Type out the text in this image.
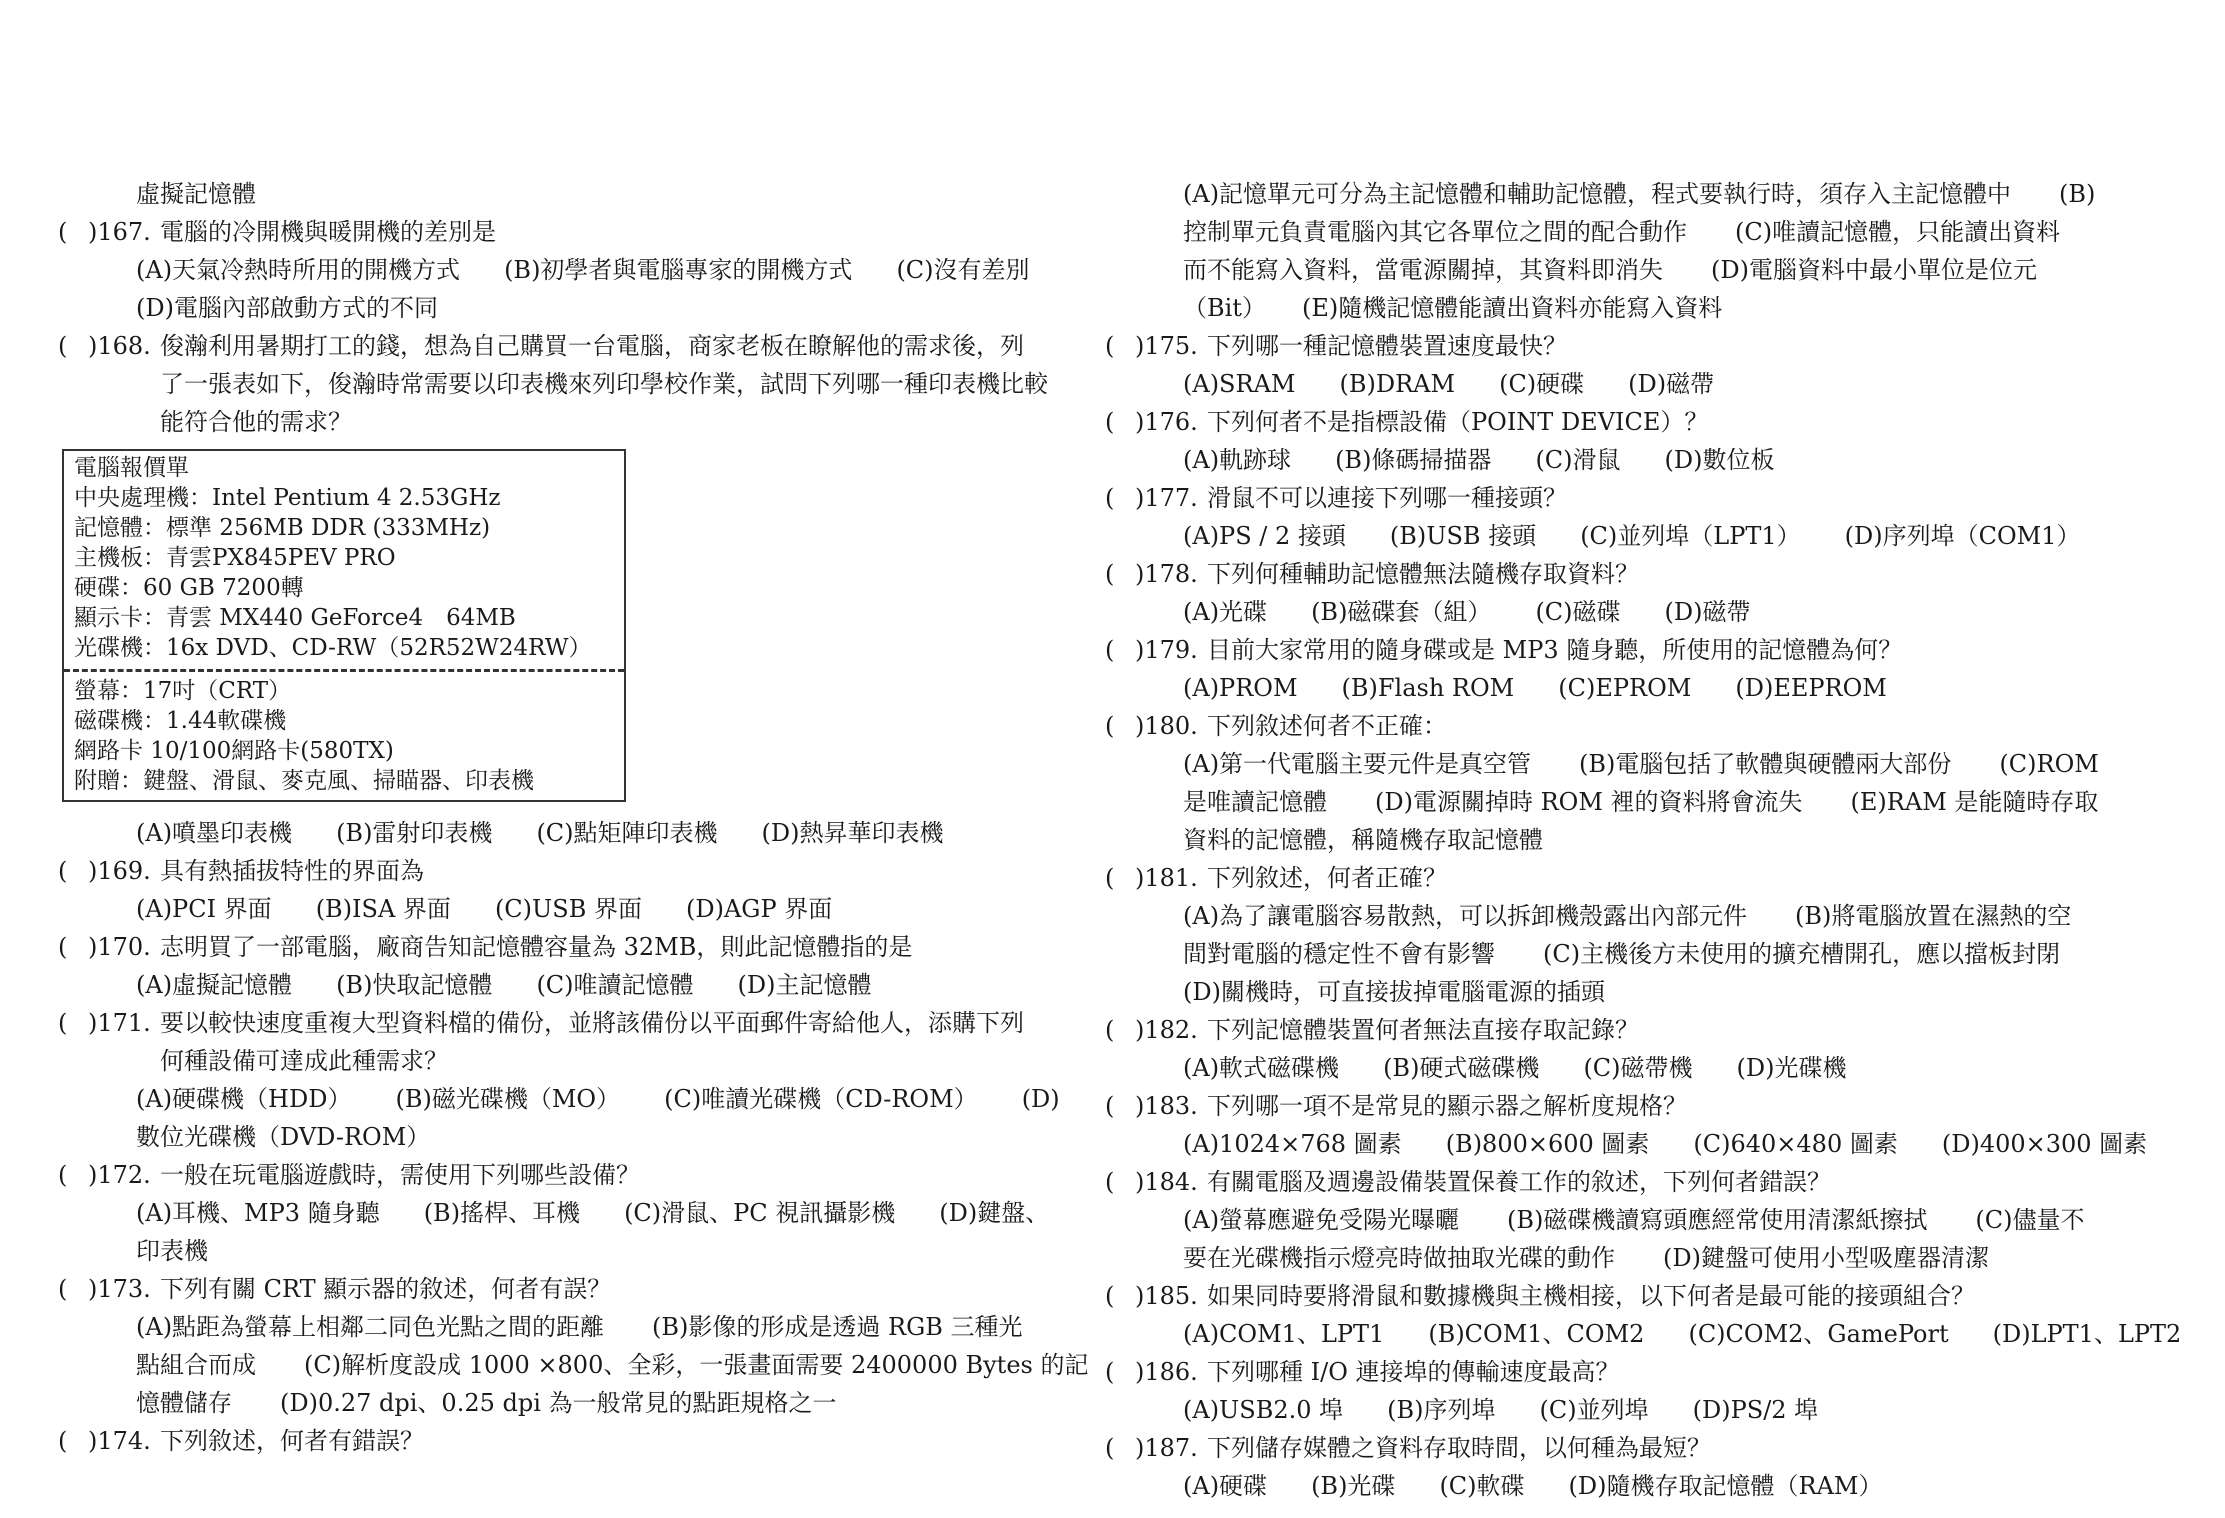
虛擬記憶體
( )167. 電腦的冷開機與暖開機的差別是
(A)天氣冷熱時所用的開機方式 (B)初學者與電腦專家的開機方式 (C)沒有差別
(D)電腦內部啟動方式的不同
( )168. 俊瀚利用暑期打工的錢，想為自己購買一台電腦，商家老板在瞭解他的需求後，列
了一張表如下，俊瀚時常需要以印表機來列印學校作業，試問下列哪一種印表機比較
能符合他的需求？
電腦報價單
中央處理機：Intel Pentium 4 2.53GHz
記憶體：標準 256MB DDR (333MHz)
主機板：青雲PX845PEV PRO
硬碟：60 GB 7200轉
顯示卡：青雲 MX440 GeForce4　64MB
光碟機：16x DVD、CD-RW（52R52W24RW）
螢幕：17吋（CRT）
磁碟機：1.44軟碟機
網路卡 10/100網路卡(580TX)
附贈：鍵盤、滑鼠、麥克風、掃瞄器、印表機
(A)噴墨印表機 (B)雷射印表機 (C)點矩陣印表機 (D)熱昇華印表機
( )169. 具有熱插拔特性的界面為
(A)PCI 界面 (B)ISA 界面 (C)USB 界面 (D)AGP 界面
( )170. 志明買了一部電腦，廠商告知記憶體容量為 32MB，則此記憶體指的是
(A)虛擬記憶體 (B)快取記憶體 (C)唯讀記憶體 (D)主記憶體
( )171. 要以較快速度重複大型資料檔的備份，並將該備份以平面郵件寄給他人，添購下列
何種設備可達成此種需求？
(A)硬碟機（HDD） (B)磁光碟機（MO） (C)唯讀光碟機（CD-ROM） (D)
數位光碟機（DVD-ROM）
( )172. 一般在玩電腦遊戲時，需使用下列哪些設備？
(A)耳機、MP3 隨身聽 (B)搖桿、耳機 (C)滑鼠、PC 視訊攝影機 (D)鍵盤、
印表機
( )173. 下列有關 CRT 顯示器的敘述，何者有誤？
(A)點距為螢幕上相鄰二同色光點之間的距離　　(B)影像的形成是透過 RGB 三種光
點組合而成　　(C)解析度設成 1000 ×800、全彩，一張畫面需要 2400000 Bytes 的記
憶體儲存　　(D)0.27 dpi、0.25 dpi 為一般常見的點距規格之一
( )174. 下列敘述，何者有錯誤？
(A)記憶單元可分為主記憶體和輔助記憶體，程式要執行時，須存入主記憶體中　　(B)
控制單元負責電腦內其它各單位之間的配合動作　　(C)唯讀記憶體，只能讀出資料
而不能寫入資料，當電源關掉，其資料即消失　　(D)電腦資料中最小單位是位元
（Bit）　　(E)隨機記憶體能讀出資料亦能寫入資料
( )175. 下列哪一種記憶體裝置速度最快？
(A)SRAM (B)DRAM (C)硬碟 (D)磁帶
( )176. 下列何者不是指標設備（POINT DEVICE）？
(A)軌跡球 (B)條碼掃描器 (C)滑鼠 (D)數位板
( )177. 滑鼠不可以連接下列哪一種接頭？
(A)PS / 2 接頭 (B)USB 接頭 (C)並列埠（LPT1） (D)序列埠（COM1）
( )178. 下列何種輔助記憶體無法隨機存取資料？
(A)光碟 (B)磁碟套（組） (C)磁碟 (D)磁帶
( )179. 目前大家常用的隨身碟或是 MP3 隨身聽，所使用的記憶體為何？
(A)PROM (B)Flash ROM (C)EPROM (D)EEPROM
( )180. 下列敘述何者不正確：
(A)第一代電腦主要元件是真空管　　(B)電腦包括了軟體與硬體兩大部份　　(C)ROM
是唯讀記憶體　　(D)電源關掉時 ROM 裡的資料將會流失　　(E)RAM 是能隨時存取
資料的記憶體，稱隨機存取記憶體
( )181. 下列敘述，何者正確？
(A)為了讓電腦容易散熱，可以拆卸機殼露出內部元件　　(B)將電腦放置在濕熱的空
間對電腦的穩定性不會有影響　　(C)主機後方未使用的擴充槽開孔，應以擋板封閉
(D)關機時，可直接拔掉電腦電源的插頭
( )182. 下列記憶體裝置何者無法直接存取記錄？
(A)軟式磁碟機 (B)硬式磁碟機 (C)磁帶機 (D)光碟機
( )183. 下列哪一項不是常見的顯示器之解析度規格？
(A)1024×768 圖素 (B)800×600 圖素 (C)640×480 圖素 (D)400×300 圖素
( )184. 有關電腦及週邊設備裝置保養工作的敘述，下列何者錯誤？
(A)螢幕應避免受陽光曝曬　　(B)磁碟機讀寫頭應經常使用清潔紙擦拭　　(C)儘量不
要在光碟機指示燈亮時做抽取光碟的動作　　(D)鍵盤可使用小型吸塵器清潔
( )185. 如果同時要將滑鼠和數據機與主機相接，以下何者是最可能的接頭組合？
(A)COM1、LPT1 (B)COM1、COM2 (C)COM2、GamePort (D)LPT1、LPT2
( )186. 下列哪種 I/O 連接埠的傳輸速度最高？
(A)USB2.0 埠 (B)序列埠 (C)並列埠 (D)PS/2 埠
( )187. 下列儲存媒體之資料存取時間，以何種為最短？
(A)硬碟 (B)光碟 (C)軟碟 (D)隨機存取記憶體（RAM）
